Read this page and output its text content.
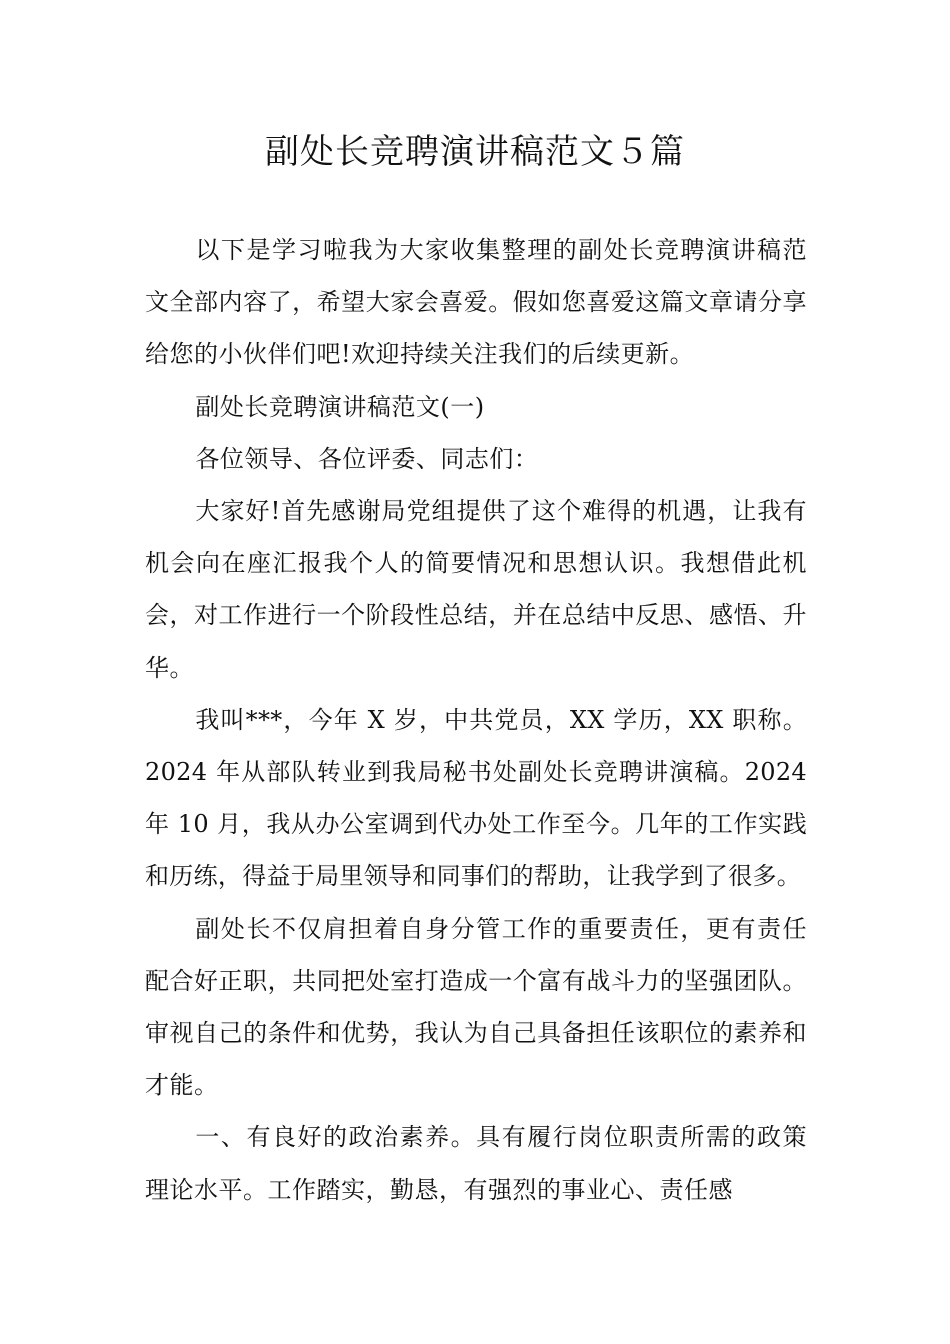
副处长竞聘演讲稿范文５篇

以下是学习啦我为大家收集整理的副处长竞聘演讲稿范文全部内容了，希望大家会喜爱。假如您喜爱这篇文章请分享给您的小伙伴们吧!欢迎持续关注我们的后续更新。

副处长竞聘演讲稿范文(一)

各位领导、各位评委、同志们：

大家好!首先感谢局党组提供了这个难得的机遇，让我有机会向在座汇报我个人的简要情况和思想认识。我想借此机会，对工作进行一个阶段性总结，并在总结中反思、感悟、升华。

我叫***，今年 X 岁，中共党员，XX 学历，XX 职称。2024 年从部队转业到我局秘书处副处长竞聘讲演稿。2024年 10 月，我从办公室调到代办处工作至今。几年的工作实践和历练，得益于局里领导和同事们的帮助，让我学到了很多。

副处长不仅肩担着自身分管工作的重要责任，更有责任配合好正职，共同把处室打造成一个富有战斗力的坚强团队。审视自己的条件和优势，我认为自己具备担任该职位的素养和才能。

一、有良好的政治素养。具有履行岗位职责所需的政策理论水平。工作踏实，勤恳，有强烈的事业心、责任感
